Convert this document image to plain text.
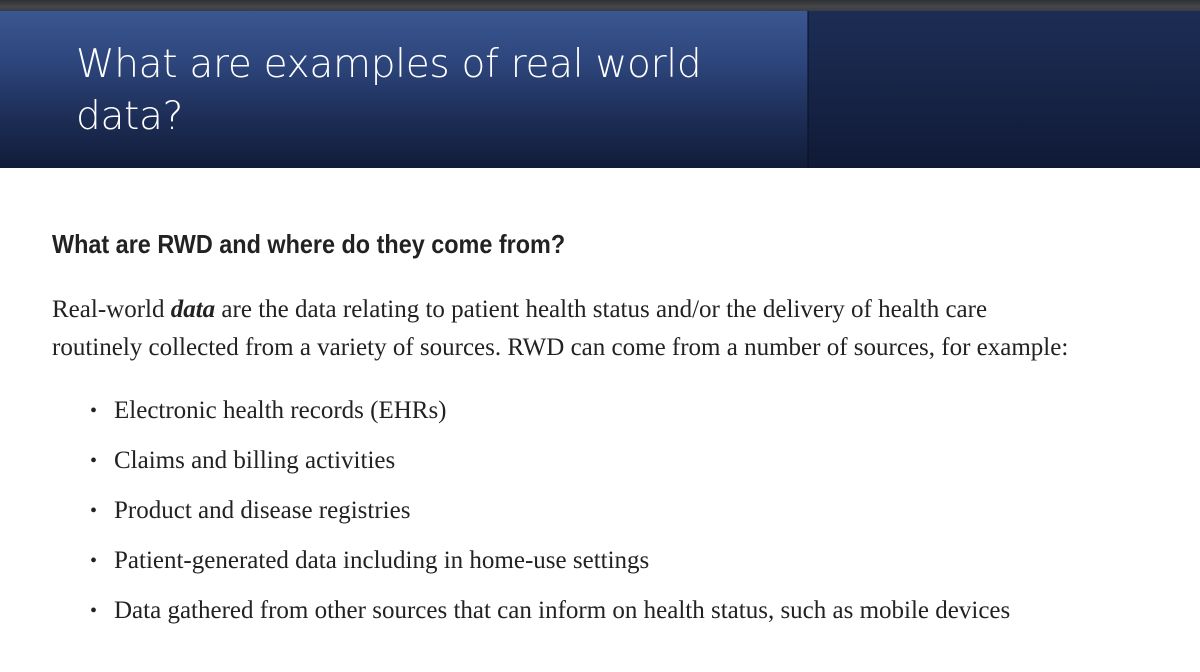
What are examples of real world data?
What are RWD and where do they come from?

Real-world data are the data relating to patient health status and/or the delivery of health care
routinely collected from a variety of sources. RWD can come from a number of sources, for example:

• Electronic health records (EHRs)
• Claims and billing activities
• Product and disease registries
• Patient-generated data including in home-use settings
• Data gathered from other sources that can inform on health status, such as mobile devices
